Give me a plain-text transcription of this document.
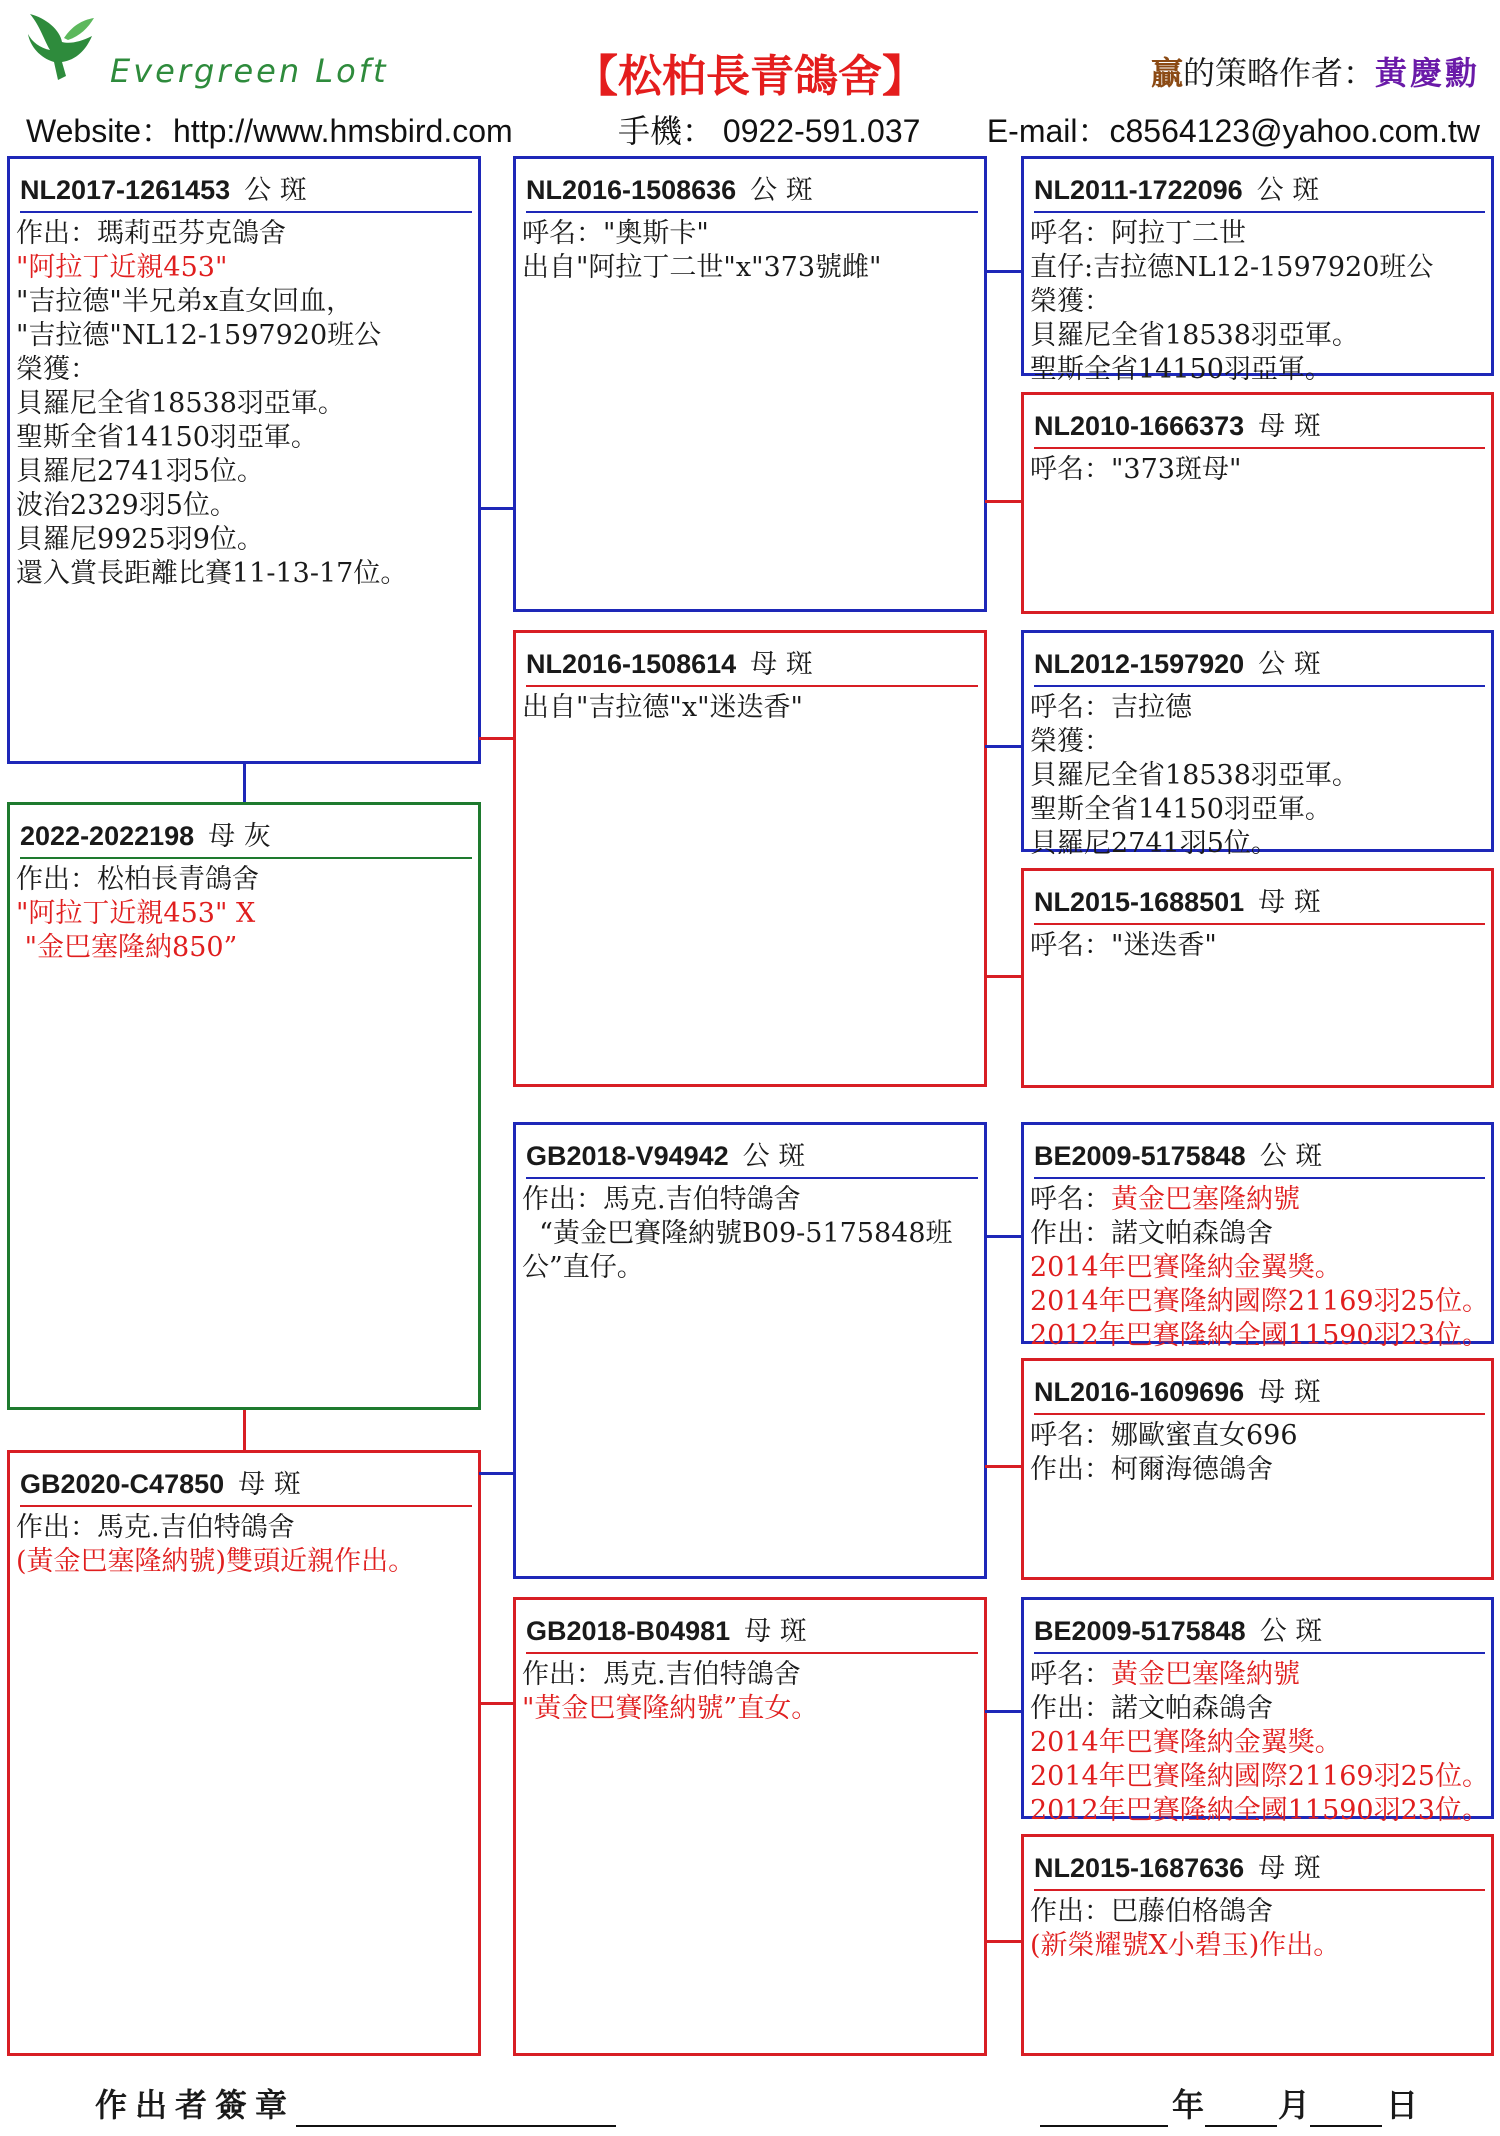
Evergreen Loft	【松柏長青鴿舍】	贏的策略作者：黃慶勳
Website：http://www.hmsbird.com	手機： 0922-591.037 E-mail：c8564123@yahoo.com.tw
NL2017-1261453 公 斑
作出：瑪莉亞芬克鴿舍
"阿拉丁近親453"
"吉拉德"半兄弟x直女回血，
"吉拉德"NL12-1597920班公
榮獲：
貝羅尼全省18538羽亞軍。
聖斯全省14150羽亞軍。
貝羅尼2741羽5位。
波治2329羽5位。
貝羅尼9925羽9位。
還入賞長距離比賽11-13-17位。
2022-2022198 母 灰
作出：松柏長青鴿舍
"阿拉丁近親453" X
"金巴塞隆納850”
GB2020-C47850 母 斑
作出：馬克.吉伯特鴿舍
(黃金巴塞隆納號)雙頭近親作出。
NL2016-1508636 公 斑
呼名："奧斯卡"
出自"阿拉丁二世"x"373號雌"
NL2016-1508614 母 斑
出自"吉拉德"x"迷迭香"
GB2018-V94942 公 斑
作出：馬克.吉伯特鴿舍
“黃金巴賽隆納號B09-5175848班公”直仔。
GB2018-B04981 母 斑
作出：馬克.吉伯特鴿舍
"黃金巴賽隆納號”直女。
NL2011-1722096 公 斑
呼名：阿拉丁二世
直仔:吉拉德NL12-1597920班公
榮獲：
貝羅尼全省18538羽亞軍。
聖斯全省14150羽亞軍。
NL2010-1666373 母 斑
呼名："373斑母"
NL2012-1597920 公 斑
呼名：吉拉德
榮獲：
貝羅尼全省18538羽亞軍。
聖斯全省14150羽亞軍。
貝羅尼2741羽5位。
NL2015-1688501 母 斑
呼名："迷迭香"
BE2009-5175848 公 斑
呼名：黃金巴塞隆納號
作出：諾文帕森鴿舍
2014年巴賽隆納金翼獎。
2014年巴賽隆納國際21169羽25位。
2012年巴賽隆納全國11590羽23位。
NL2016-1609696 母 斑
呼名：娜歐蜜直女696
作出：柯爾海德鴿舍
BE2009-5175848 公 斑
呼名：黃金巴塞隆納號
作出：諾文帕森鴿舍
2014年巴賽隆納金翼獎。
2014年巴賽隆納國際21169羽25位。
2012年巴賽隆納全國11590羽23位。
NL2015-1687636 母 斑
作出：巴藤伯格鴿舍
(新榮耀號X小碧玉)作出。
作出者簽章	年 月 日
